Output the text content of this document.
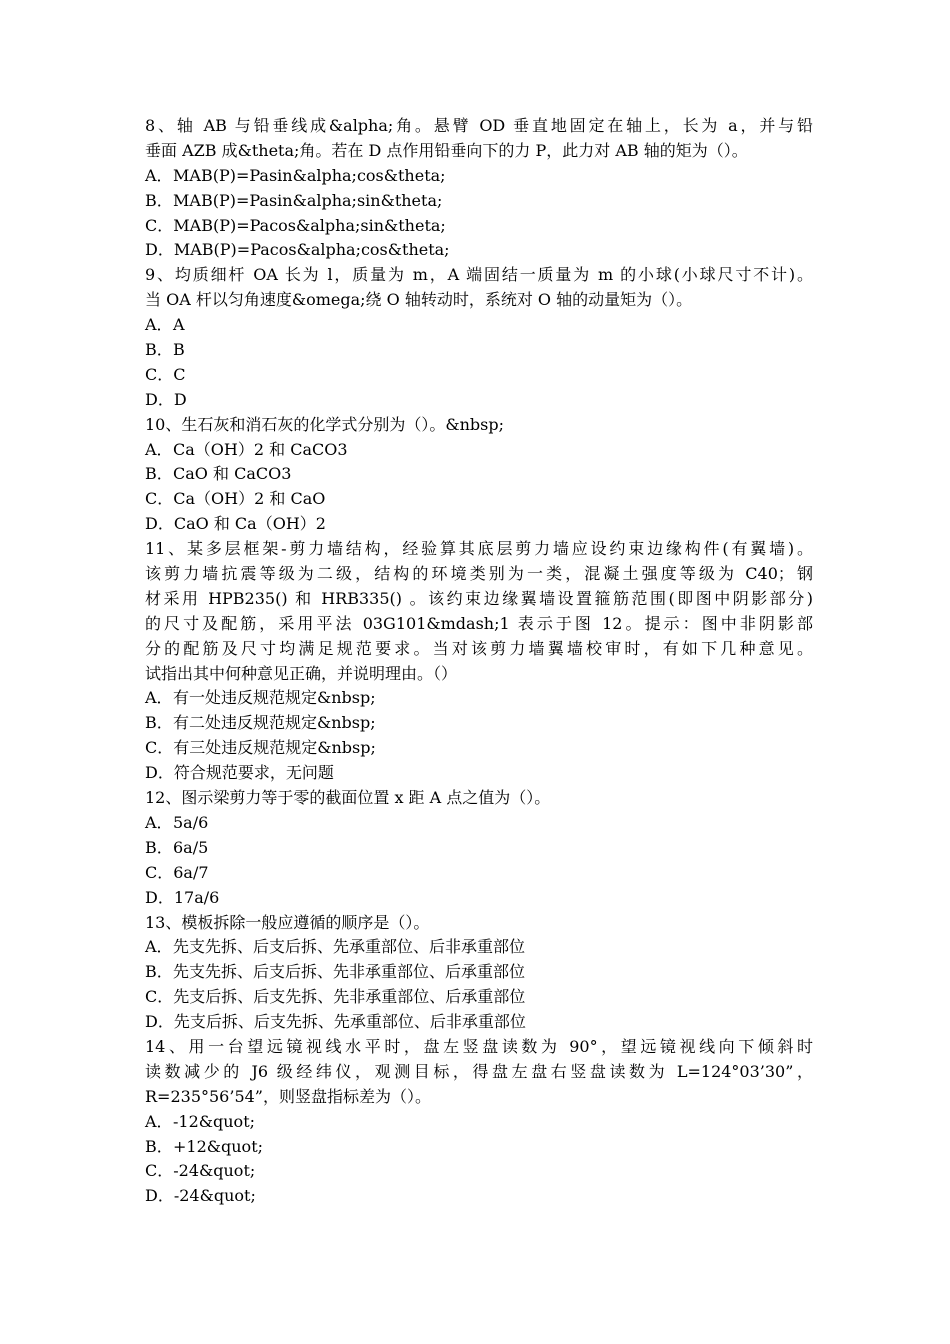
8、轴 AB 与铅垂线成&alpha;角。悬臂 OD 垂直地固定在轴上，长为 a，并与铅
垂面 AZB 成&theta;角。若在 D 点作用铅垂向下的力 P，此力对 AB 轴的矩为（）。
A．MAB(P)=Pasin&alpha;cos&theta;
B．MAB(P)=Pasin&alpha;sin&theta;
C．MAB(P)=Pacos&alpha;sin&theta;
D．MAB(P)=Pacos&alpha;cos&theta;
9、均质细杆 OA 长为 l，质量为 m，A 端固结一质量为 m 的小球(小球尺寸不计)。
当 OA 杆以匀角速度&omega;绕 O 轴转动时，系统对 O 轴的动量矩为（）。
A．A
B．B
C．C
D．D
10、生石灰和消石灰的化学式分别为（）。&nbsp;
A．Ca（OH）2 和 CaCO3
B．CaO 和 CaCO3
C．Ca（OH）2 和 CaO
D．CaO 和 Ca（OH）2
11、某多层框架-剪力墙结构，经验算其底层剪力墙应设约束边缘构件(有翼墙)。
该剪力墙抗震等级为二级，结构的环境类别为一类，混凝土强度等级为 C40；钢
材采用 HPB235() 和 HRB335() 。该约束边缘翼墙设置箍筋范围(即图中阴影部分)
的尺寸及配筋，采用平法 03G101&mdash;1 表示于图 12。提示：图中非阴影部
分的配筋及尺寸均满足规范要求。当对该剪力墙翼墙校审时，有如下几种意见。
试指出其中何种意见正确，并说明理由。（）
A．有一处违反规范规定&nbsp;
B．有二处违反规范规定&nbsp;
C．有三处违反规范规定&nbsp;
D．符合规范要求，无问题
12、图示梁剪力等于零的截面位置 x 距 A 点之值为（）。
A．5a/6
B．6a/5
C．6a/7
D．17a/6
13、模板拆除一般应遵循的顺序是（）。
A．先支先拆、后支后拆、先承重部位、后非承重部位
B．先支先拆、后支后拆、先非承重部位、后承重部位
C．先支后拆、后支先拆、先非承重部位、后承重部位
D．先支后拆、后支先拆、先承重部位、后非承重部位
14、用一台望远镜视线水平时，盘左竖盘读数为 90°，望远镜视线向下倾斜时
读数减少的 J6 级经纬仪，观测目标，得盘左盘右竖盘读数为 L=124°03’30”，
R=235°56’54”，则竖盘指标差为（）。
A．-12&quot;
B．+12&quot;
C．-24&quot;
D．-24&quot;
